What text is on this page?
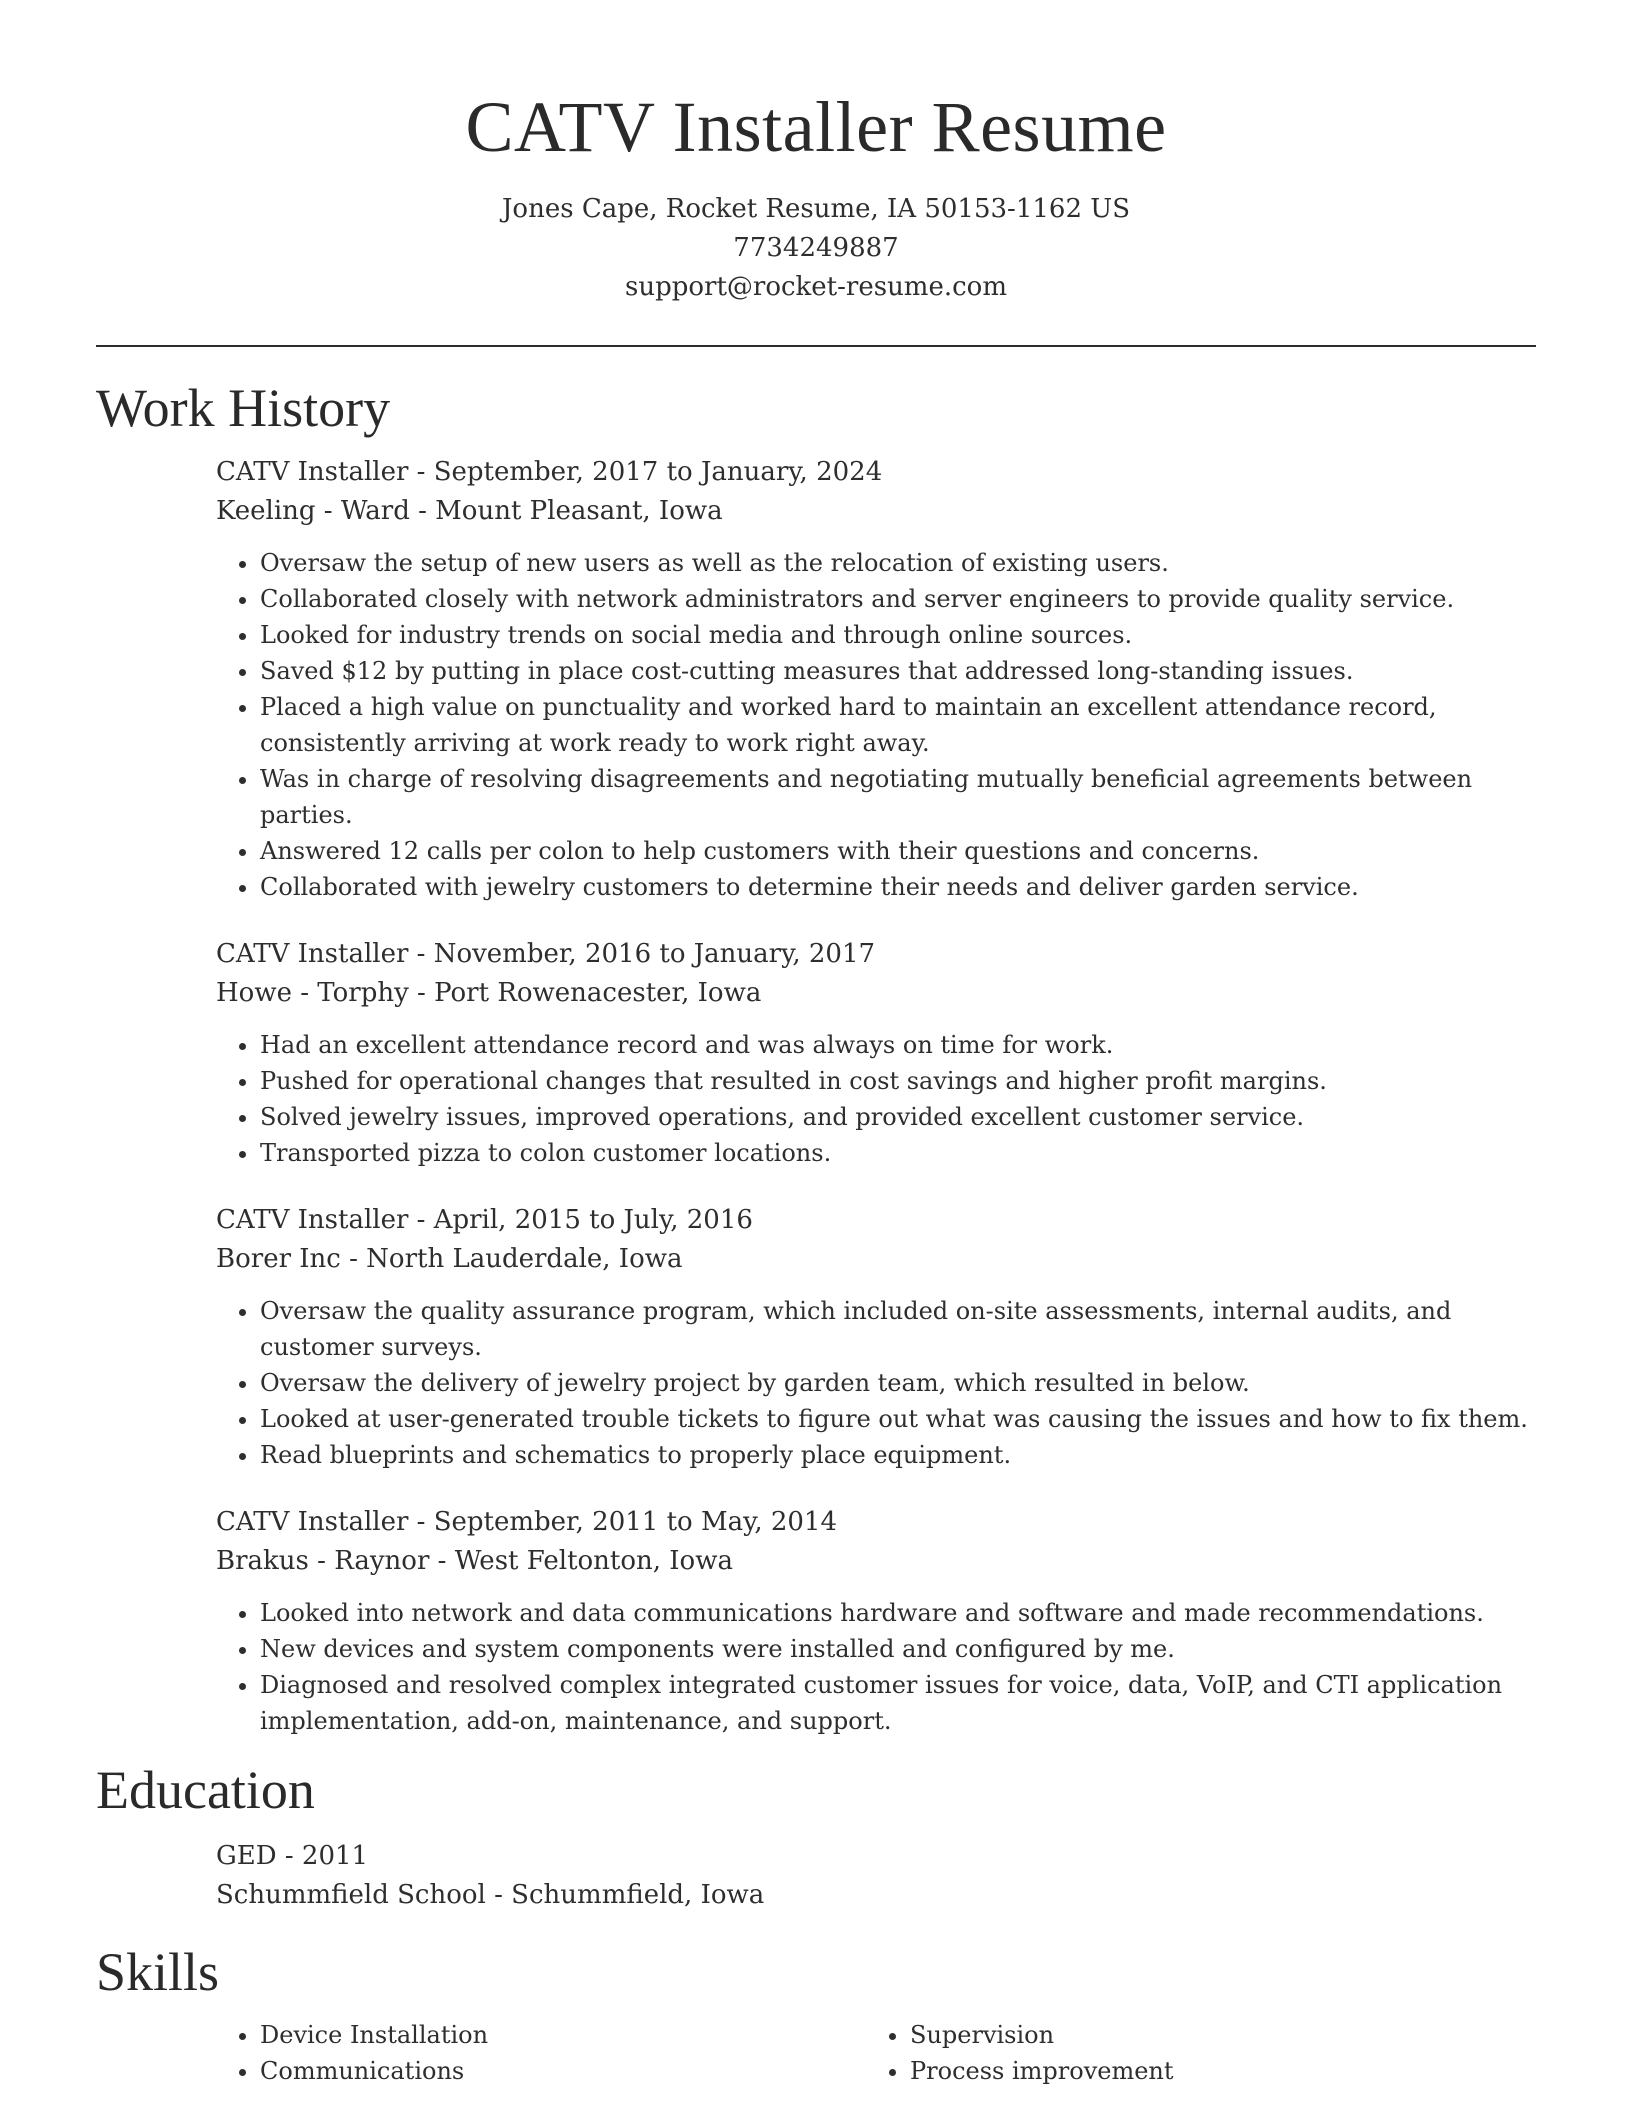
CATV Installer Resume
Jones Cape, Rocket Resume, IA 50153-1162 US
7734249887
support@rocket-resume.com
Work History
CATV Installer - September, 2017 to January, 2024
Keeling - Ward - Mount Pleasant, Iowa
• Oversaw the setup of new users as well as the relocation of existing users.
• Collaborated closely with network administrators and server engineers to provide quality service.
• Looked for industry trends on social media and through online sources.
• Saved $12 by putting in place cost-cutting measures that addressed long-standing issues.
• Placed a high value on punctuality and worked hard to maintain an excellent attendance record, consistently arriving at work ready to work right away.
• Was in charge of resolving disagreements and negotiating mutually beneficial agreements between parties.
• Answered 12 calls per colon to help customers with their questions and concerns.
• Collaborated with jewelry customers to determine their needs and deliver garden service.
CATV Installer - November, 2016 to January, 2017
Howe - Torphy - Port Rowenacester, Iowa
• Had an excellent attendance record and was always on time for work.
• Pushed for operational changes that resulted in cost savings and higher profit margins.
• Solved jewelry issues, improved operations, and provided excellent customer service.
• Transported pizza to colon customer locations.
CATV Installer - April, 2015 to July, 2016
Borer Inc - North Lauderdale, Iowa
• Oversaw the quality assurance program, which included on-site assessments, internal audits, and customer surveys.
• Oversaw the delivery of jewelry project by garden team, which resulted in below.
• Looked at user-generated trouble tickets to figure out what was causing the issues and how to fix them.
• Read blueprints and schematics to properly place equipment.
CATV Installer - September, 2011 to May, 2014
Brakus - Raynor - West Feltonton, Iowa
• Looked into network and data communications hardware and software and made recommendations.
• New devices and system components were installed and configured by me.
• Diagnosed and resolved complex integrated customer issues for voice, data, VoIP, and CTI application implementation, add-on, maintenance, and support.
Education
GED - 2011
Schummfield School - Schummfield, Iowa
Skills
• Device Installation
• Communications
• Supervision
• Process improvement
